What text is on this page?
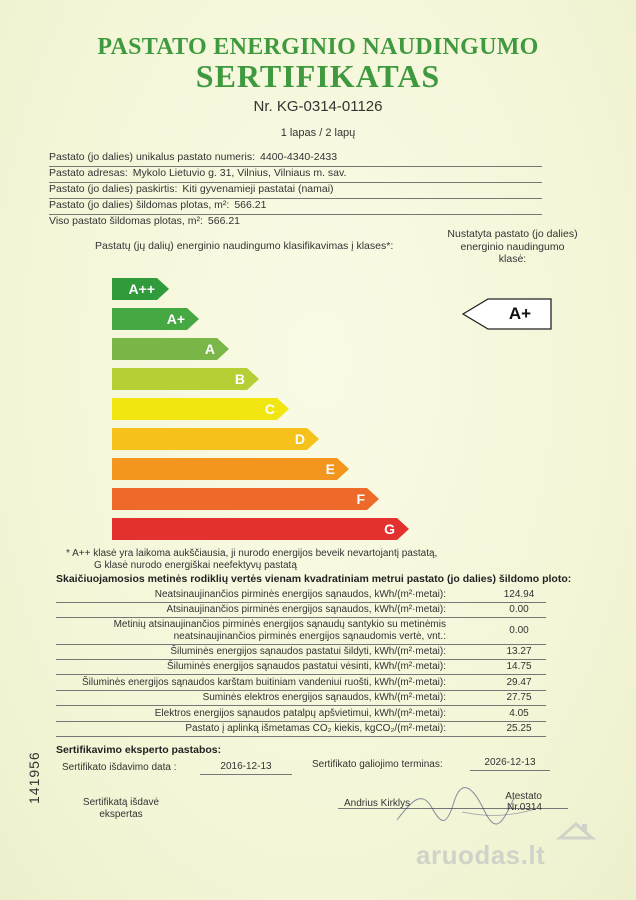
PASTATO ENERGINIO NAUDINGUMO
SERTIFIKATAS
Nr. KG-0314-01126
1 lapas / 2 lapų
Pastato (jo dalies) unikalus pastato numeris: 4400-4340-2433
Pastato adresas: Mykolo Lietuvio g. 31, Vilnius, Vilniaus m. sav.
Pastato (jo dalies) paskirtis: Kiti gyvenamieji pastatai (namai)
Pastato (jo dalies) šildomas plotas, m²: 566.21
Viso pastato šildomas plotas, m²: 566.21
Pastatų (jų dalių) energinio naudingumo klasifikavimas į klases*:
Nustatyta pastato (jo dalies)
energinio naudingumo
klasė:
A++
A+
A
B
C
D
E
F
G
A+
* A++ klasė yra laikoma aukščiausia, ji nurodo energijos beveik nevartojantį pastatą,
G klasė nurodo energiškai neefektyvų pastatą
Skaičiuojamosios metinės rodiklių vertės vienam kvadratiniam metrui pastato (jo dalies) šildomo ploto:
Neatsinaujinančios pirminės energijos sąnaudos, kWh/(m²·metai):	124.94
Atsinaujinančios pirminės energijos sąnaudos, kWh/(m²·metai):	0.00
Metinių atsinaujinančios pirminės energijos sąnaudų santykio su metinėmis
neatsinaujinančios pirminės energijos sąnaudomis vertė, vnt.:
0.00
Šiluminės energijos sąnaudos pastatui šildyti, kWh/(m²·metai):	13.27
Šiluminės energijos sąnaudos pastatui vėsinti, kWh/(m²·metai):	14.75
Šiluminės energijos sąnaudos karštam buitiniam vandeniui ruošti, kWh/(m²·metai):	29.47
Suminės elektros energijos sąnaudos, kWh/(m²·metai):	27.75
Elektros energijos sąnaudos patalpų apšvietimui, kWh/(m²·metai):	4.05
Pastato į aplinką išmetamas CO₂ kiekis, kgCO₂/(m²·metai):	25.25
Sertifikavimo eksperto pastabos:
Sertifikato išdavimo data :	2016-12-13	Sertifikato galiojimo terminas:	2026-12-13
Sertifikatą išdavė
ekspertas
Andrius Kirklys
Atestato
Nr.0314
141956
aruodas.lt
